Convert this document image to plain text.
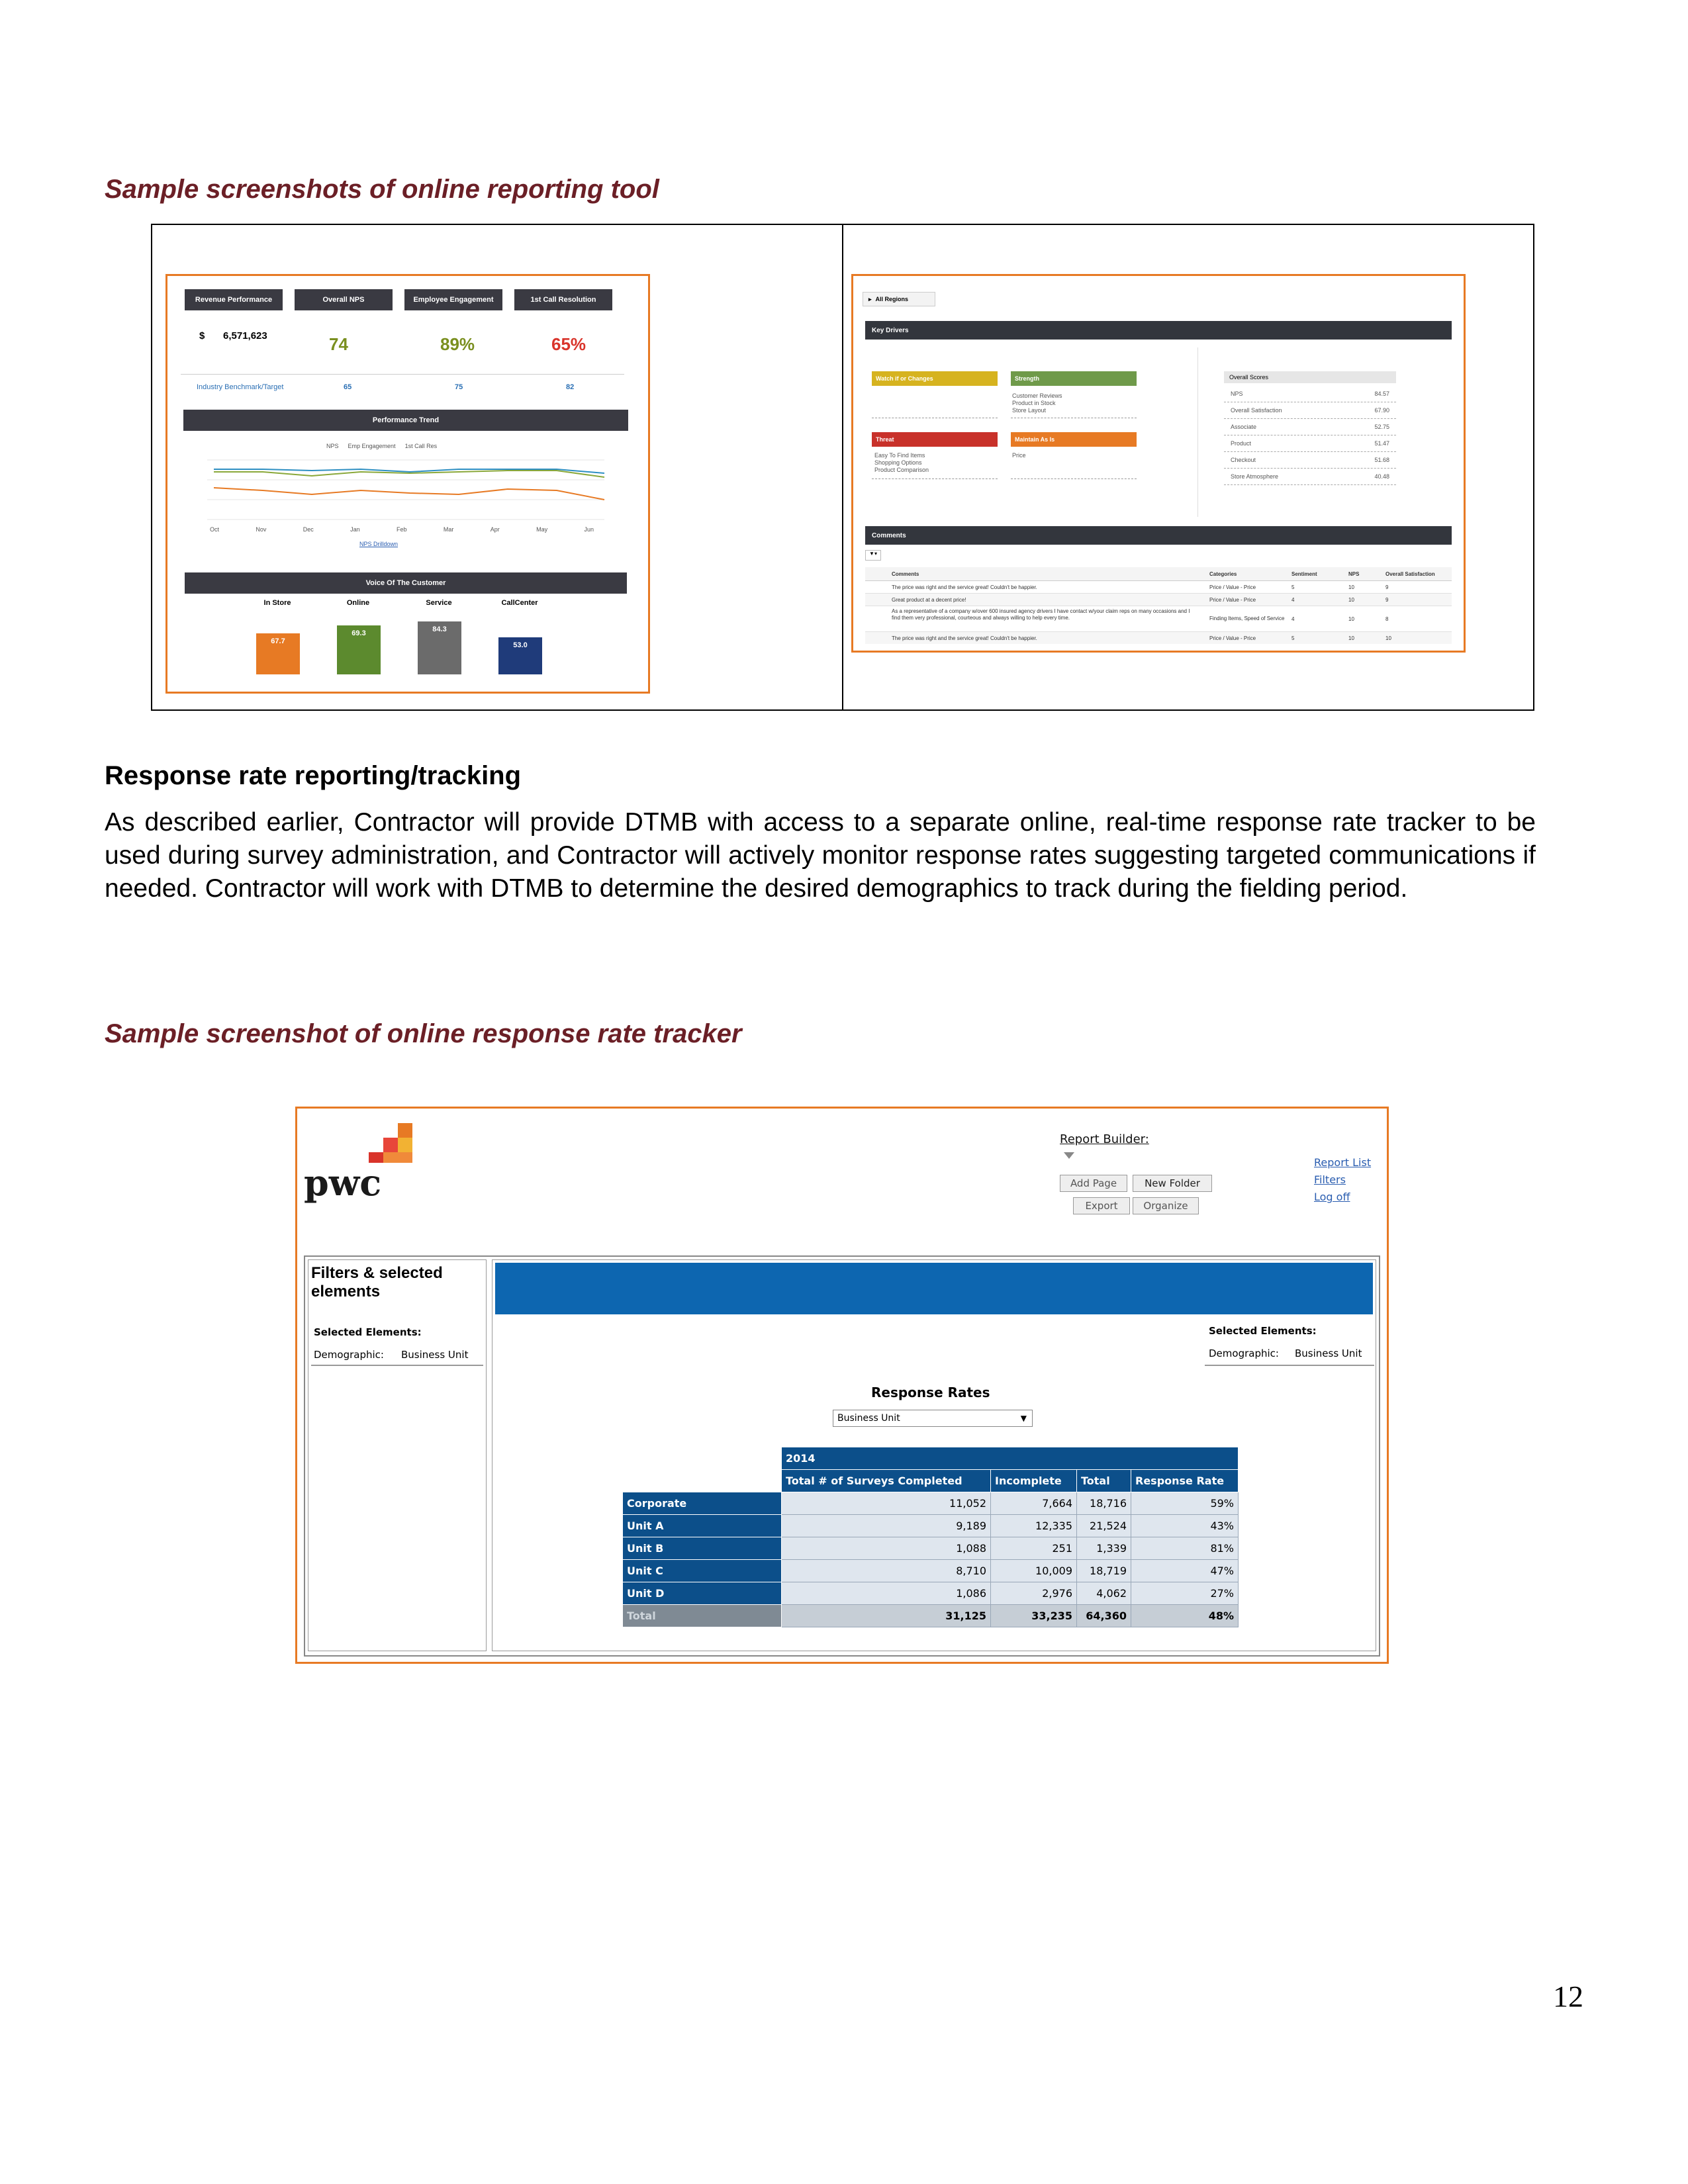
Sample screenshots of online reporting tool
Revenue Performance	Overall NPS	Employee Engagement	1st Call Resolution
$ 6,571,623	74	89%	65%
Industry Benchmark/Target	65	75	82
Performance Trend
NPS Emp Engagement 1st Call Res
Oct	Nov	Dec	Jan	Feb	Mar	Apr	May	Jun
NPS Drilldown
Voice Of The Customer
In Store	Online	Service	CallCenter
67.7
69.3	84.3
53.0
▸ All Regions
Key Drivers
Watch if or Changes	Strength
Customer Reviews
Product in Stock
Store Layout
Threat	Maintain As Is
Easy To Find Items
Shopping Options
Product Comparison
Price
Overall Scores
NPS	84.57
Overall Satisfaction	67.90
Associate	52.75
Product	51.47
Checkout	51.68
Store Atmosphere	40.48
Comments
▼▾
Comments	Categories	Sentiment	NPS	Overall Satisfaction
The price was right and the service great! Couldn't be happier.	Price / Value - Price	5	10	9
Great product at a decent price!	Price / Value - Price	4	10	9
As a representative of a company w/over 600 insured agency drivers I have contact w/your claim reps on many occasions and I find them very professional, courteous and always willing to help every time.	Finding Items, Speed of Service	4	10	8
The price was right and the service great! Couldn't be happier.	Price / Value - Price	5	10	10
Response rate reporting/tracking
As described earlier, Contractor will provide DTMB with access to a separate online, real-time response rate tracker to be used during survey administration, and Contractor will actively monitor response rates suggesting targeted communications if needed. Contractor will work with DTMB to determine the desired demographics to track during the fielding period.
Sample screenshot of online response rate tracker
pwc
Report Builder:
Add Page	New Folder
Export	Organize
Report List
Filters
Log off
Filters & selected elements
Selected Elements:
Demographic: Business Unit
Selected Elements:
Demographic: Business Unit
Response Rates
Business Unit	▼
	2014			
	Total # of Surveys Completed	Incomplete	Total	Response Rate
Corporate	11,052	7,664	18,716	59%
Unit A	9,189	12,335	21,524	43%
Unit B	1,088	251	1,339	81%
Unit C	8,710	10,009	18,719	47%
Unit D	1,086	2,976	4,062	27%
Total	31,125	33,235	64,360	48%
12
